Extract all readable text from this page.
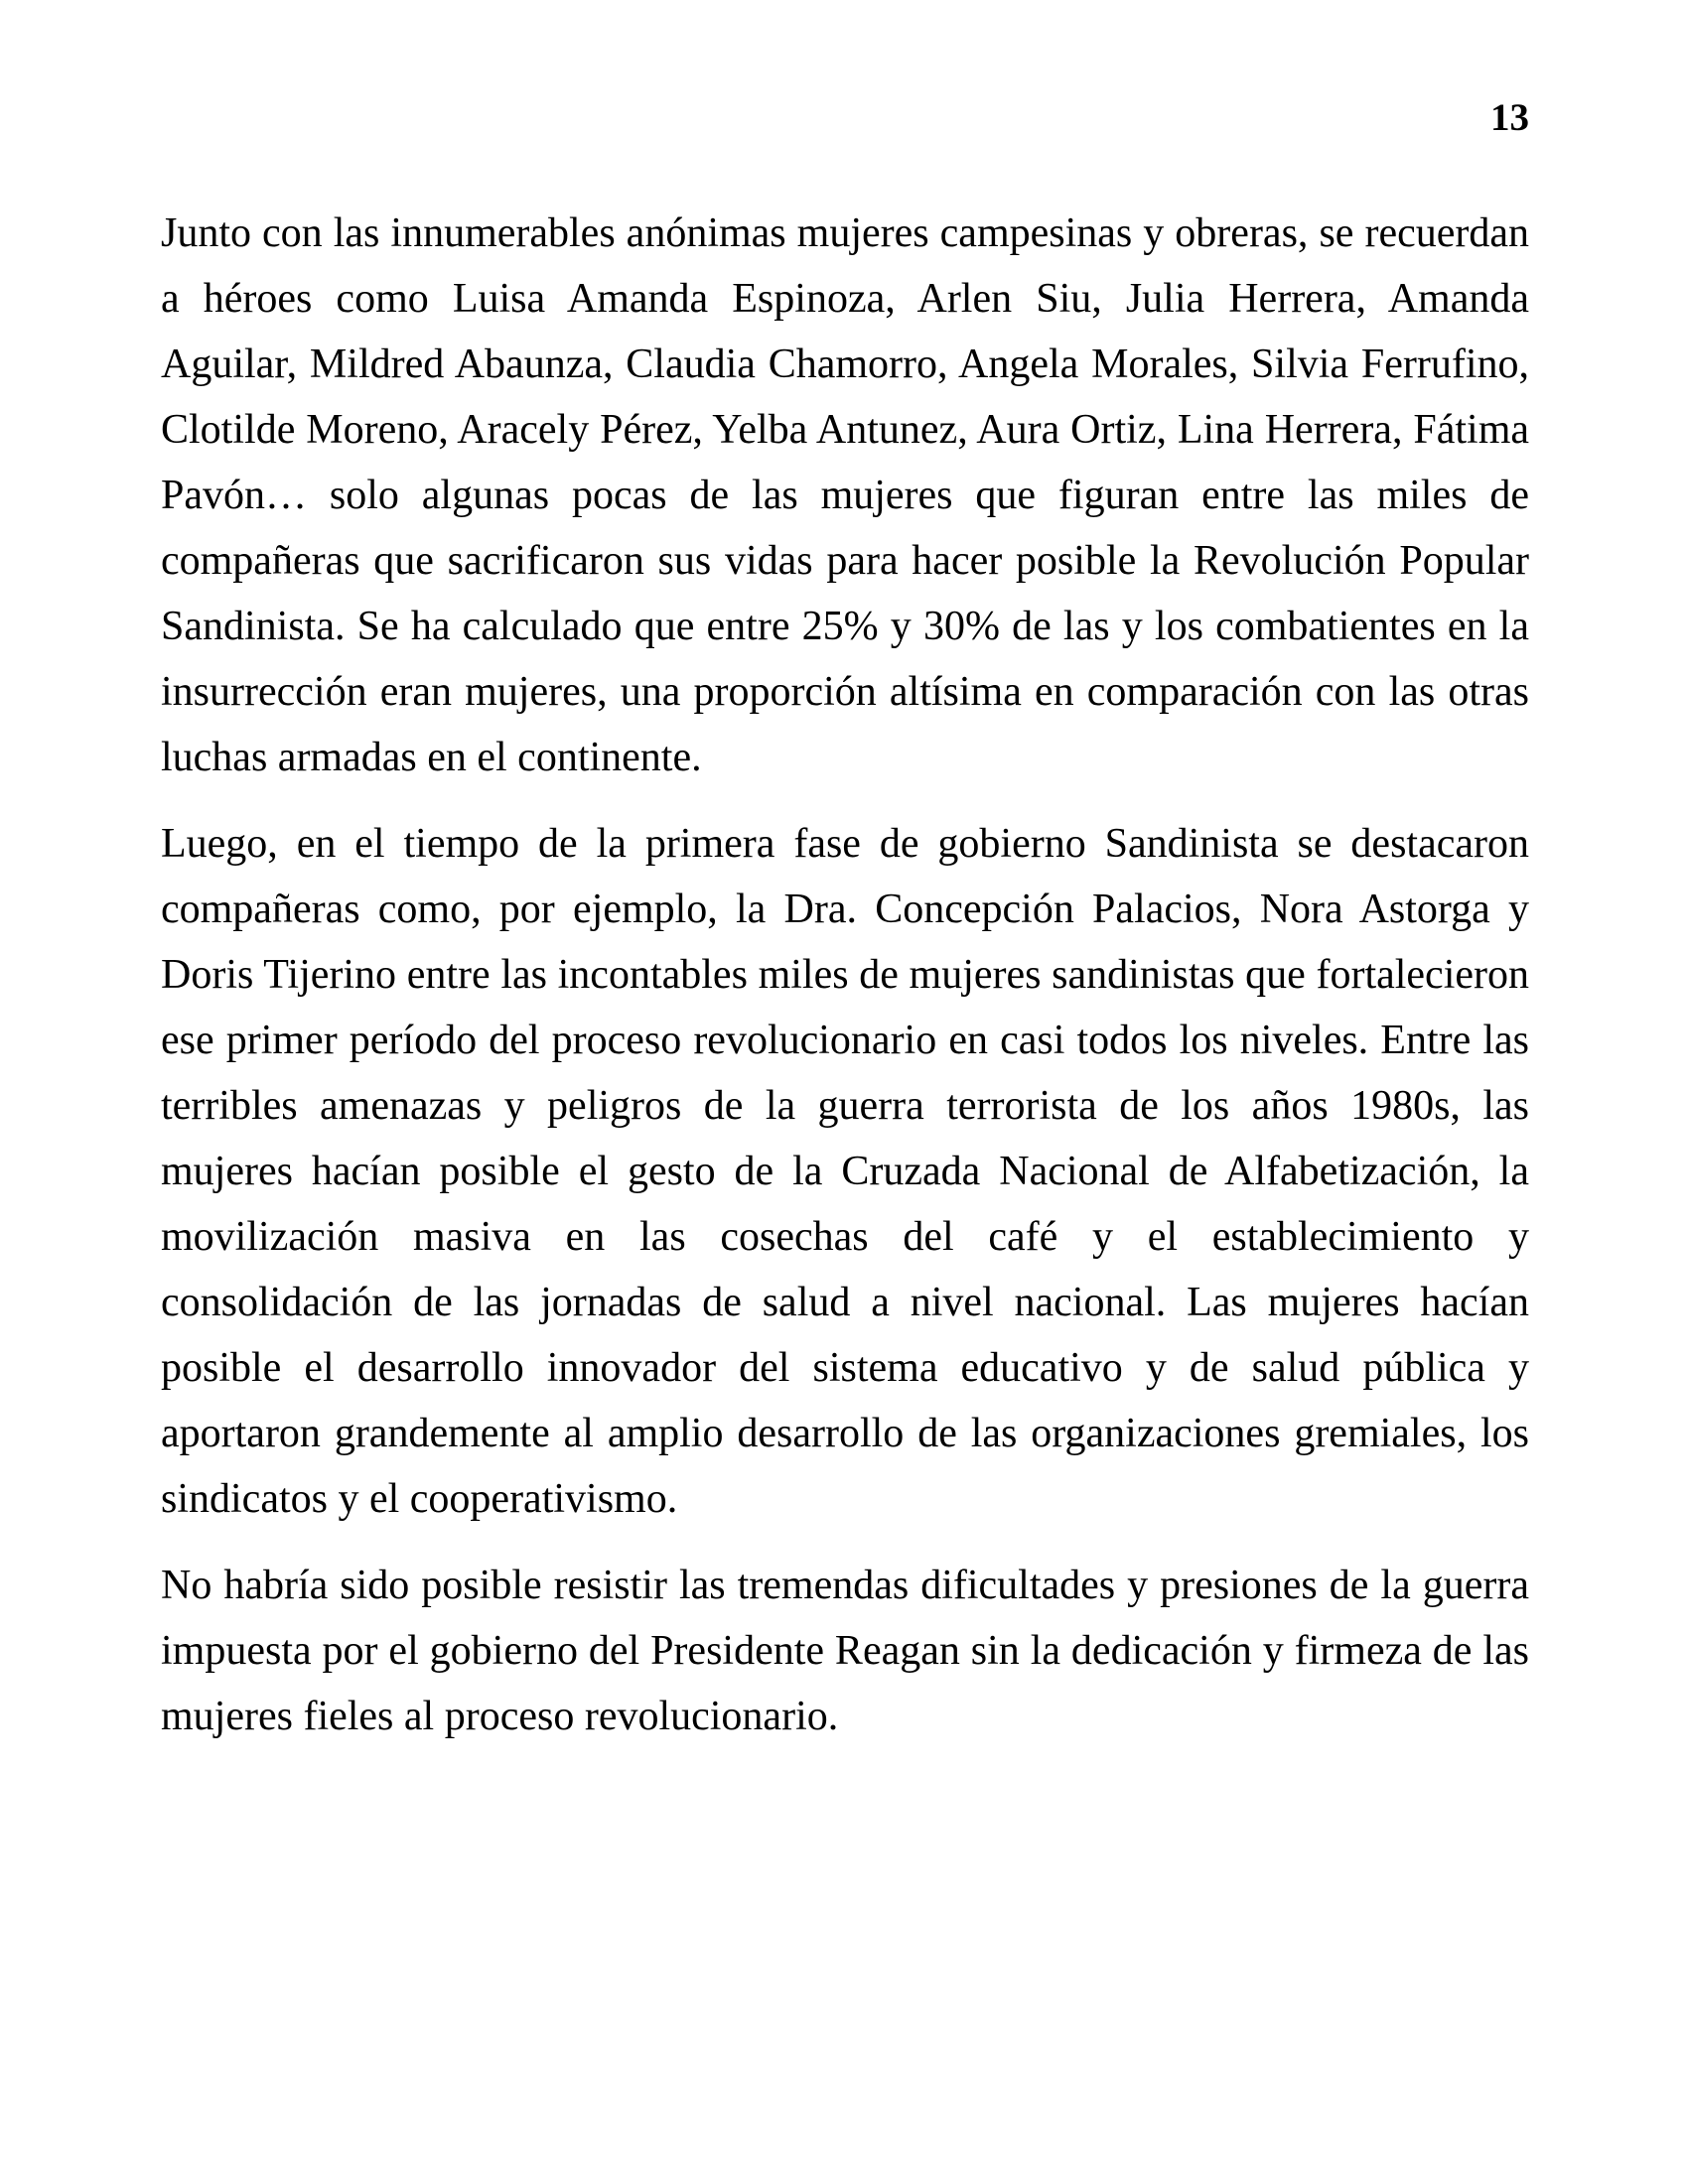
13

Junto con las innumerables anónimas mujeres campesinas y obreras, se recuerdan a héroes como Luisa Amanda Espinoza, Arlen Siu, Julia Herrera, Amanda Aguilar, Mildred Abaunza, Claudia Chamorro, Angela Morales, Silvia Ferrufino, Clotilde Moreno, Aracely Pérez, Yelba Antunez, Aura Ortiz, Lina Herrera, Fátima Pavón… solo algunas pocas de las mujeres que figuran entre las miles de compañeras que sacrificaron sus vidas para hacer posible la Revolución Popular Sandinista. Se ha calculado que entre 25% y 30% de las y los combatientes en la insurrección eran mujeres, una proporción altísima en comparación con las otras luchas armadas en el continente.

Luego, en el tiempo de la primera fase de gobierno Sandinista se destacaron compañeras como, por ejemplo, la Dra. Concepción Palacios, Nora Astorga y Doris Tijerino entre las incontables miles de mujeres sandinistas que fortalecieron ese primer período del proceso revolucionario en casi todos los niveles. Entre las terribles amenazas y peligros de la guerra terrorista de los años 1980s, las mujeres hacían posible el gesto de la Cruzada Nacional de Alfabetización, la movilización masiva en las cosechas del café y el establecimiento y consolidación de las jornadas de salud a nivel nacional. Las mujeres hacían posible el desarrollo innovador del sistema educativo y de salud pública y aportaron grandemente al amplio desarrollo de las organizaciones gremiales, los sindicatos y el cooperativismo.

No habría sido posible resistir las tremendas dificultades y presiones de la guerra impuesta por el gobierno del Presidente Reagan sin la dedicación y firmeza de las mujeres fieles al proceso revolucionario.
